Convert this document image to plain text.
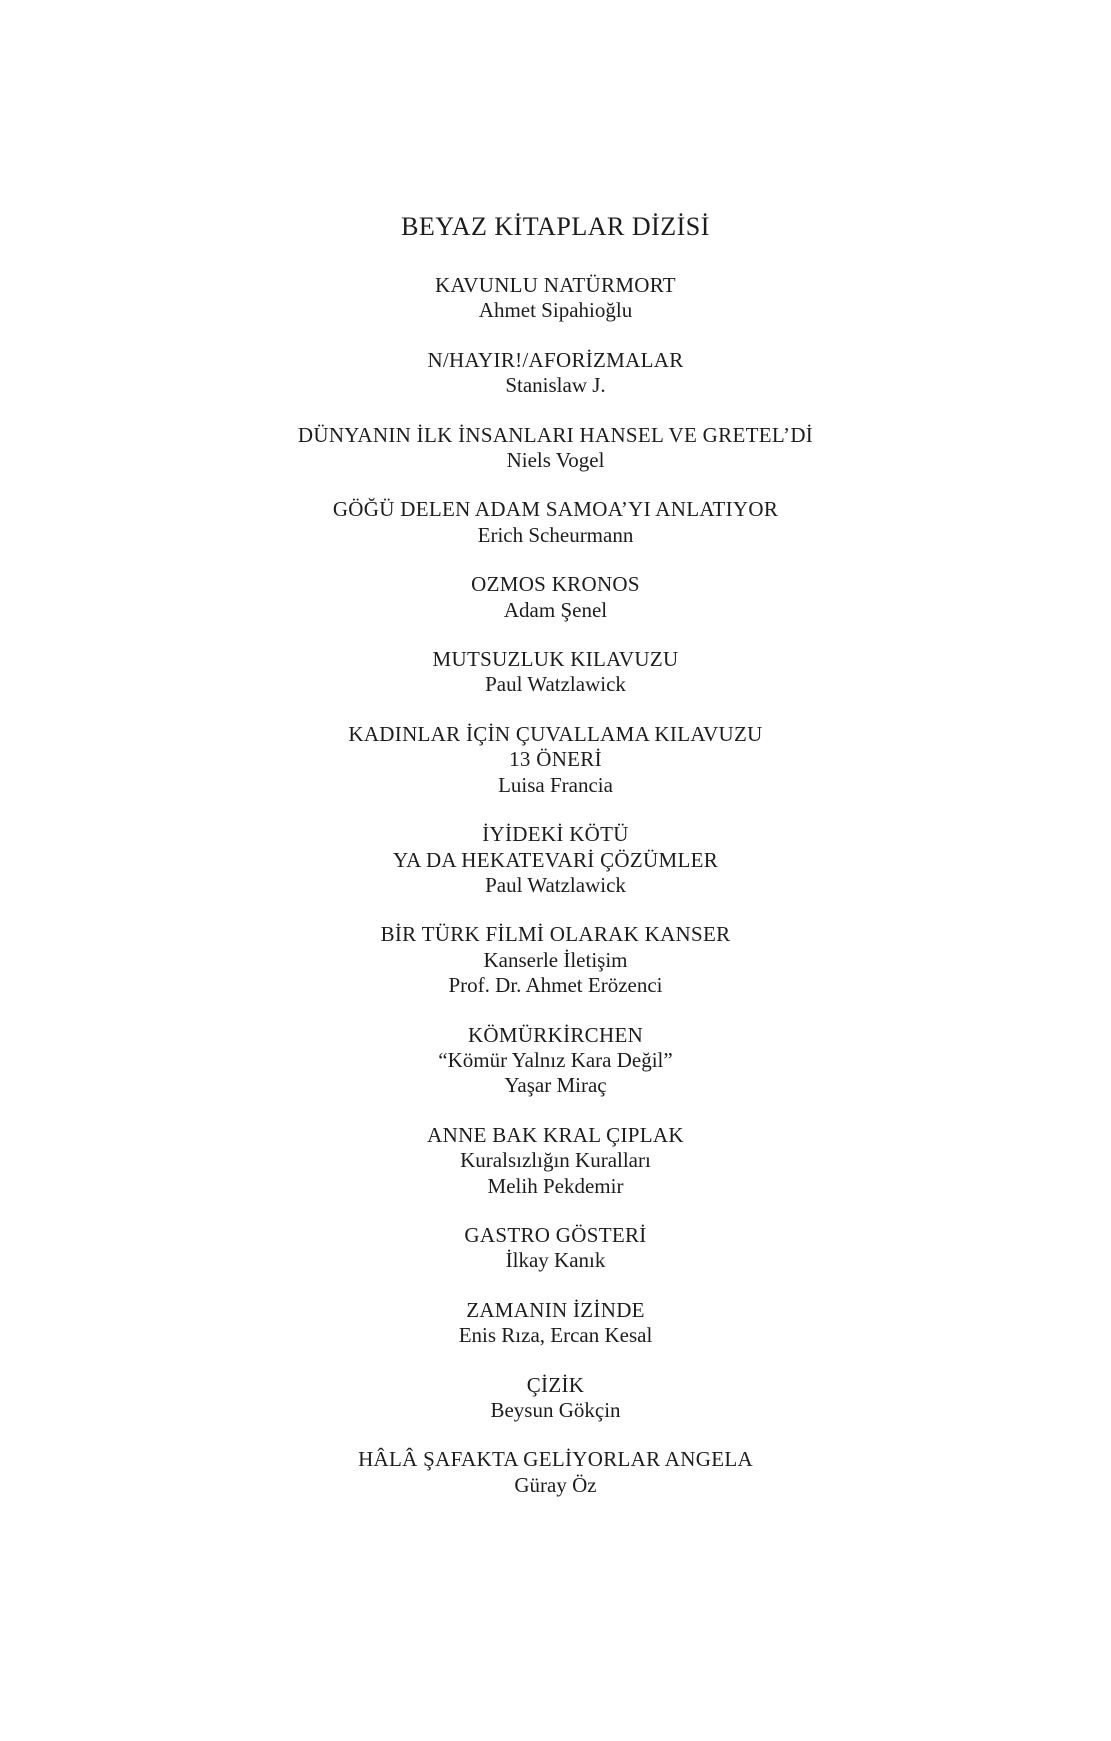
BEYAZ KİTAPLAR DİZİSİ
KAVUNLU NATÜRMORT
Ahmet Sipahioğlu
N/HAYIR!/AFORİZMALAR
Stanislaw J.
DÜNYANIN İLK İNSANLARI HANSEL VE GRETEL’Dİ
Niels Vogel
GÖĞÜ DELEN ADAM SAMOA’YI ANLATIYOR
Erich Scheurmann
OZMOS KRONOS
Adam Şenel
MUTSUZLUK KILAVUZU
Paul Watzlawick
KADINLAR İÇİN ÇUVALLAMA KILAVUZU
13 ÖNERİ
Luisa Francia
İYİDEKİ KÖTÜ
YA DA HEKATEVARİ ÇÖZÜMLER
Paul Watzlawick
BİR TÜRK FİLMİ OLARAK KANSER
Kanserle İletişim
Prof. Dr. Ahmet Erözenci
KÖMÜRKİRCHEN
“Kömür Yalnız Kara Değil”
Yaşar Miraç
ANNE BAK KRAL ÇIPLAK
Kuralsızlığın Kuralları
Melih Pekdemir
GASTRO GÖSTERİ
İlkay Kanık
ZAMANIN İZİNDE
Enis Rıza, Ercan Kesal
ÇİZİK
Beysun Gökçin
HÂLÂ ŞAFAKTA GELİYORLAR ANGELA
Güray Öz
